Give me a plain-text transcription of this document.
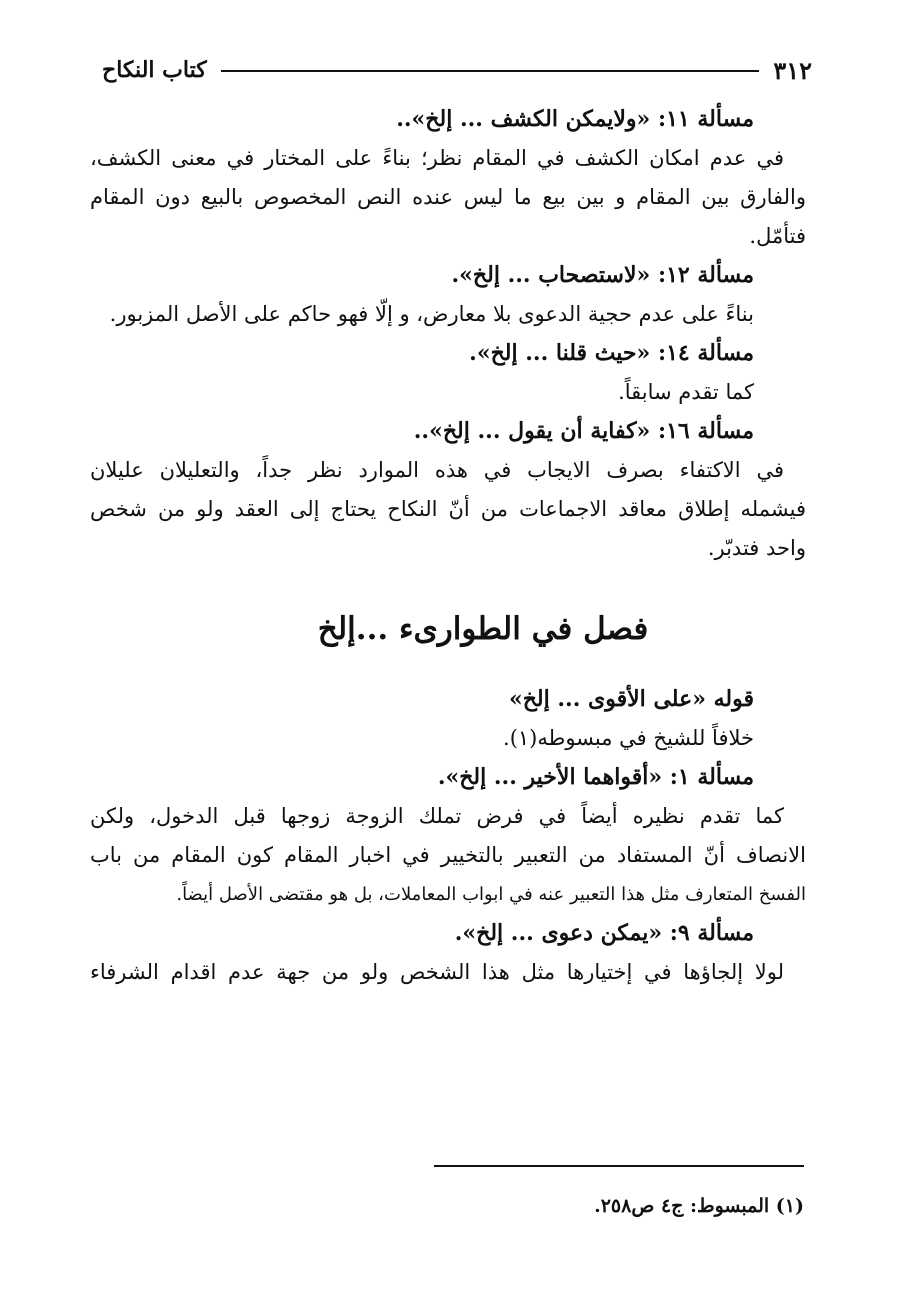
٣١٢
كتاب النكاح
مسألة ١١: «ولايمكن الكشف ... إلخ»..
في عدم امكان الكشف في المقام نظر؛ بناءً على المختار في معنى الكشف،
والفارق بين المقام و بين بيع ما ليس عنده النص المخصوص بالبيع دون المقام
فتأمّل.
مسألة ١٢: «لاستصحاب ... إلخ».
بناءً على عدم حجية الدعوى بلا معارض، و إلّا فهو حاكم على الأصل المزبور.
مسألة ١٤: «حيث قلنا ... إلخ».
كما تقدم سابقاً.
مسألة ١٦: «كفاية أن يقول ... إلخ»..
في الاكتفاء بصرف الايجاب في هذه الموارد نظر جداً، والتعليلان عليلان
فيشمله إطلاق معاقد الاجماعات من أنّ النكاح يحتاج إلى العقد ولو من شخص
واحد فتدبّر.
فصل في الطوارىء ...إلخ
قوله «على الأقوى ... إلخ»
خلافاً للشيخ في مبسوطه(١).
مسألة ١: «أقواهما الأخير ... إلخ».
كما تقدم نظيره أيضاً في فرض تملك الزوجة زوجها قبل الدخول، ولكن
الانصاف أنّ المستفاد من التعبير بالتخيير في اخبار المقام كون المقام من باب
الفسخ المتعارف مثل هذا التعبير عنه في ابواب المعاملات، بل هو مقتضى الأصل أيضاً.
مسألة ٩: «يمكن دعوى ... إلخ».
لولا إلجاؤها في إختيارها مثل هذا الشخص ولو من جهة عدم اقدام الشرفاء
(١) المبسوط: ج٤ ص٢٥٨.
